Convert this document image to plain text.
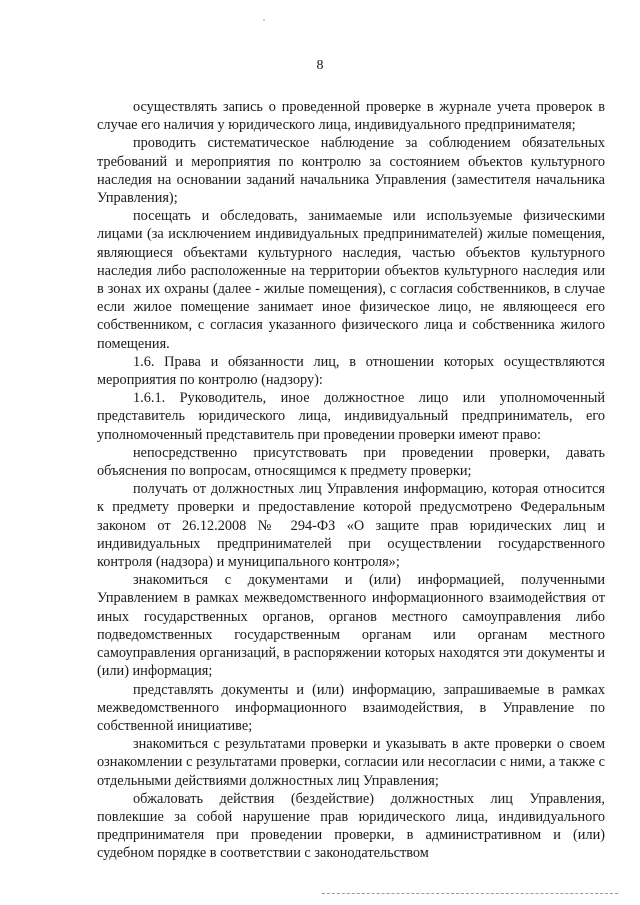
8

осуществлять запись о проведенной проверке в журнале учета проверок в случае его наличия у юридического лица, индивидуального предпринимателя;

проводить систематическое наблюдение за соблюдением обязательных требований и мероприятия по контролю за состоянием объектов культурного наследия на основании заданий начальника Управления (заместителя начальника Управления);

посещать и обследовать, занимаемые или используемые физическими лицами (за исключением индивидуальных предпринимателей) жилые помещения, являющиеся объектами культурного наследия, частью объектов культурного наследия либо расположенные на территории объектов культурного наследия или в зонах их охраны (далее - жилые помещения), с согласия собственников, в случае если жилое помещение занимает иное физическое лицо, не являющееся его собственником, с согласия указанного физического лица и собственника жилого помещения.

1.6. Права и обязанности лиц, в отношении которых осуществляются мероприятия по контролю (надзору):

1.6.1. Руководитель, иное должностное лицо или уполномоченный представитель юридического лица, индивидуальный предприниматель, его уполномоченный представитель при проведении проверки имеют право:

непосредственно присутствовать при проведении проверки, давать объяснения по вопросам, относящимся к предмету проверки;

получать от должностных лиц Управления информацию, которая относится к предмету проверки и предоставление которой предусмотрено Федеральным законом от 26.12.2008 № 294-ФЗ «О защите прав юридических лиц и индивидуальных предпринимателей при осуществлении государственного контроля (надзора) и муниципального контроля»;

знакомиться с документами и (или) информацией, полученными Управлением в рамках межведомственного информационного взаимодействия от иных государственных органов, органов местного самоуправления либо подведомственных государственным органам или органам местного самоуправления организаций, в распоряжении которых находятся эти документы и (или) информация;

представлять документы и (или) информацию, запрашиваемые в рамках межведомственного информационного взаимодействия, в Управление по собственной инициативе;

знакомиться с результатами проверки и указывать в акте проверки о своем ознакомлении с результатами проверки, согласии или несогласии с ними, а также с отдельными действиями должностных лиц Управления;

обжаловать действия (бездействие) должностных лиц Управления, повлекшие за собой нарушение прав юридического лица, индивидуального предпринимателя при проведении проверки, в административном и (или) судебном порядке в соответствии с законодательством
